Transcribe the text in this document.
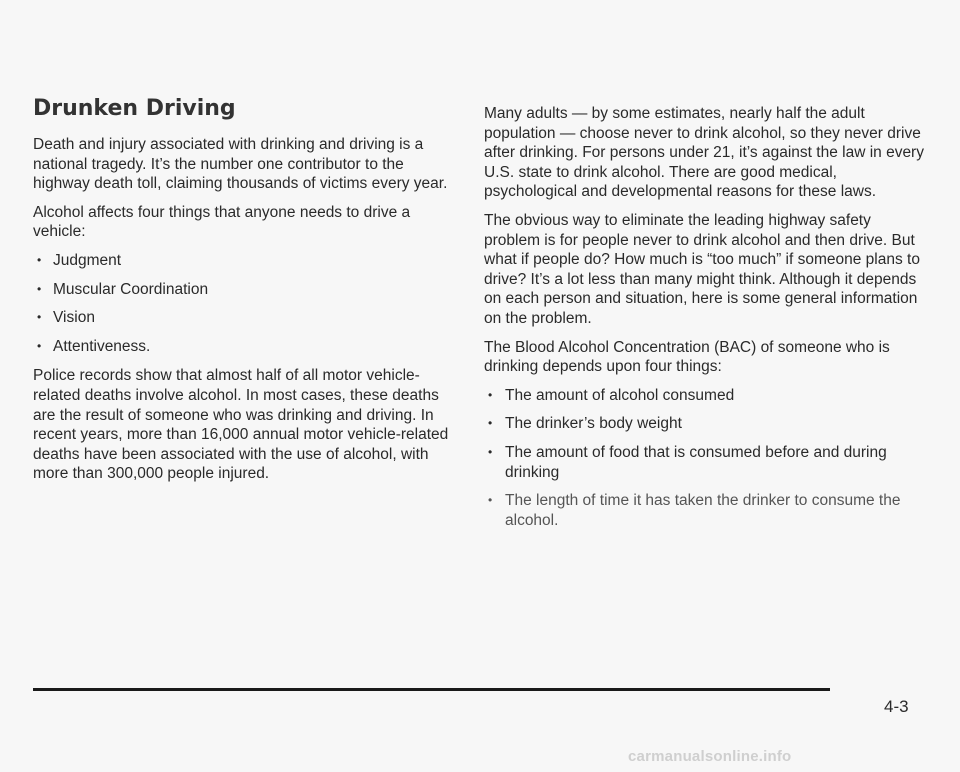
Drunken Driving

Death and injury associated with drinking and driving is a national tragedy. It’s the number one contributor to the highway death toll, claiming thousands of victims every year.

Alcohol affects four things that anyone needs to drive a vehicle:

• Judgment
• Muscular Coordination
• Vision
• Attentiveness.

Police records show that almost half of all motor vehicle-related deaths involve alcohol. In most cases, these deaths are the result of someone who was drinking and driving. In recent years, more than 16,000 annual motor vehicle-related deaths have been associated with the use of alcohol, with more than 300,000 people injured.

Many adults — by some estimates, nearly half the adult population — choose never to drink alcohol, so they never drive after drinking. For persons under 21, it’s against the law in every U.S. state to drink alcohol. There are good medical, psychological and developmental reasons for these laws.

The obvious way to eliminate the leading highway safety problem is for people never to drink alcohol and then drive. But what if people do? How much is “too much” if someone plans to drive? It’s a lot less than many might think. Although it depends on each person and situation, here is some general information on the problem.

The Blood Alcohol Concentration (BAC) of someone who is drinking depends upon four things:

• The amount of alcohol consumed
• The drinker’s body weight
• The amount of food that is consumed before and during drinking
• The length of time it has taken the drinker to consume the alcohol.
4-3
carmanualsonline.info
